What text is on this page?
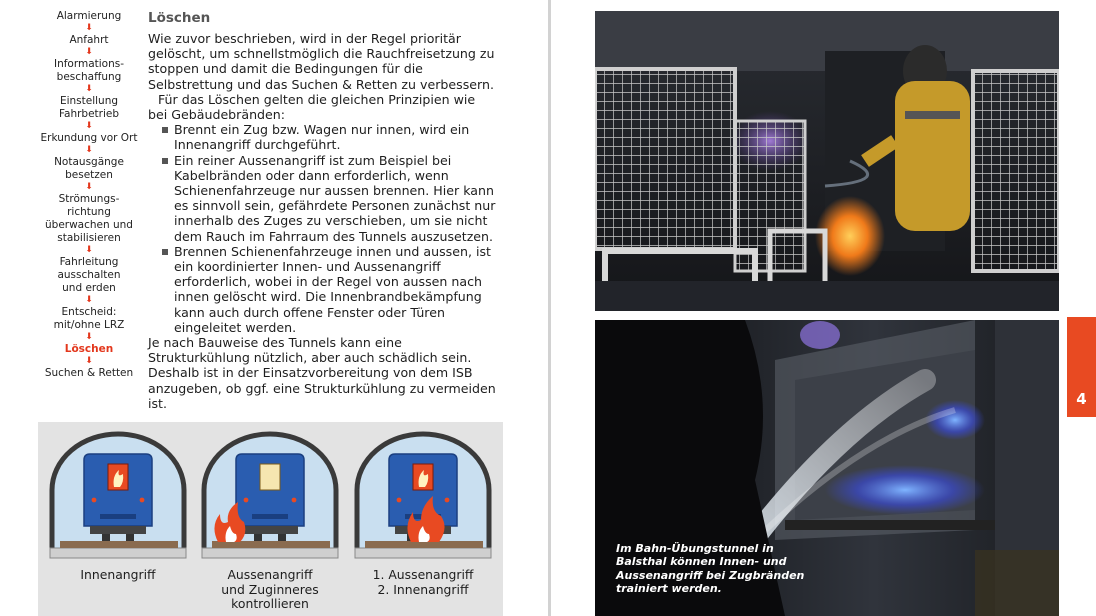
Alarmierung
⬇
Anfahrt
⬇
Informations-
beschaffung
⬇
Einstellung
Fahrbetrieb
⬇
Erkundung vor Ort
⬇
Notausgänge
besetzen
⬇
Strömungs-
richtung
überwachen und
stabilisieren
⬇
Fahrleitung
ausschalten
und erden
⬇
Entscheid:
mit/ohne LRZ
⬇
Löschen
⬇
Suchen & Retten
Löschen

Wie zuvor beschrieben, wird in der Regel prioritär gelöscht, um schnellstmöglich die Rauchfreisetzung zu stoppen und damit die Bedingungen für die Selbstrettung und das Suchen & Retten zu verbessern.

Für das Löschen gelten die gleichen Prinzipien wie bei Gebäudebränden:

Brennt ein Zug bzw. Wagen nur innen, wird ein Innenangriff durchgeführt.
Ein reiner Aussenangriff ist zum Beispiel bei Kabelbränden oder dann erforderlich, wenn Schienenfahrzeuge nur aussen brennen. Hier kann es sinnvoll sein, gefährdete Personen zunächst nur innerhalb des Zuges zu verschieben, um sie nicht dem Rauch im Fahrraum des Tunnels auszusetzen.
Brennen Schienenfahrzeuge innen und aussen, ist ein koordinierter Innen- und Aussenangriff erforderlich, wobei in der Regel von aussen nach innen gelöscht wird. Die Innenbrandbekämpfung kann auch durch offene Fenster oder Türen eingeleitet werden.

Je nach Bauweise des Tunnels kann eine Strukturkühlung nützlich, aber auch schädlich sein. Deshalb ist in der Einsatzvorbereitung von dem ISB anzugeben, ob ggf. eine Strukturkühlung zu vermeiden ist.

Innenangriff	Aussenangriff
und Zuginneres
kontrollieren
1. Aussenangriff
2. Innenangriff
Im Bahn-Übungstunnel in Balsthal können Innen- und Aussenangriff bei Zugbränden trainiert werden.
4
